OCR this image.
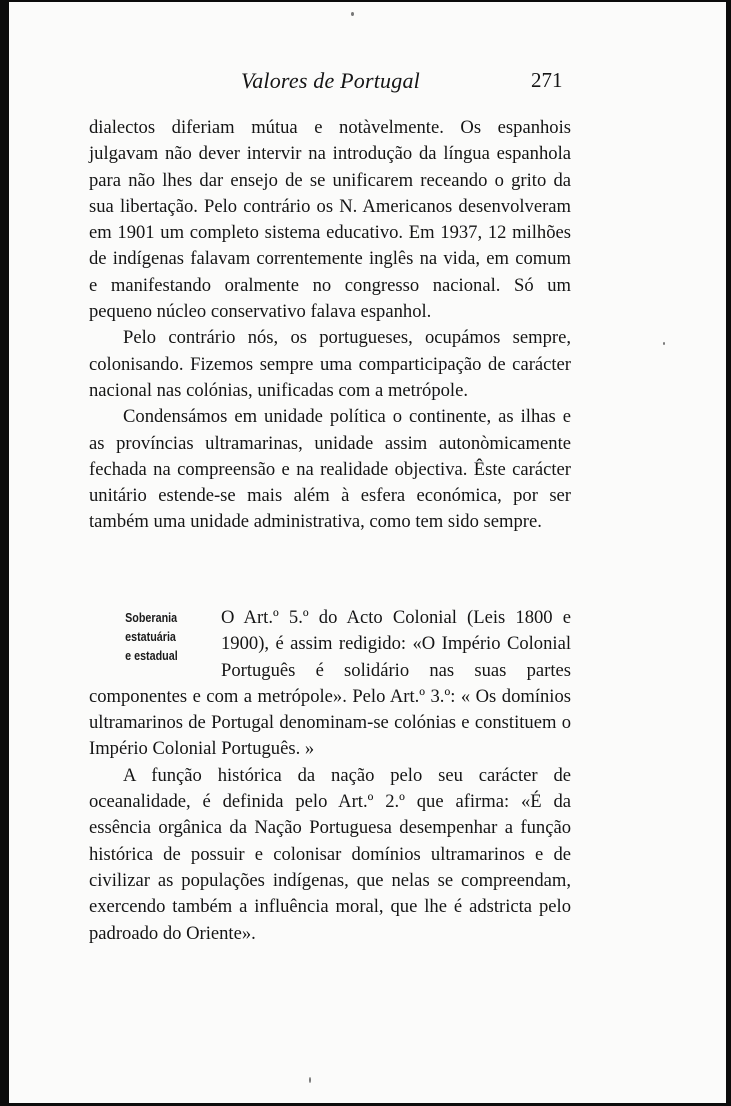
Valores de Portugal	271

dialectos diferiam mútua e notàvelmente. Os espanhois julgavam não dever intervir na introdução da língua espanhola para não lhes dar ensejo de se unificarem receando o grito da sua libertação. Pelo contrário os N. Americanos desenvolveram em 1901 um completo sistema educativo. Em 1937, 12 milhões de indígenas falavam correntemente inglês na vida, em comum e manifestando oralmente no congresso nacional. Só um pequeno núcleo conservativo falava espanhol.

Pelo contrário nós, os portugueses, ocupámos sempre, colonisando. Fizemos sempre uma comparticipação de carácter nacional nas colónias, unificadas com a metrópole.

Condensámos em unidade política o continente, as ilhas e as províncias ultramarinas, unidade assim autonòmicamente fechada na compreensão e na realidade objectiva. Êste carácter unitário estende-se mais além à esfera económica, por ser também uma unidade administrativa, como tem sido sempre.

Soberania
estatuária
e estadual

O Art.º 5.º do Acto Colonial (Leis 1800 e 1900), é assim redigido: «O Império Colonial Português é solidário nas suas partes componentes e com a metrópole». Pelo Art.º 3.º: « Os domínios ultramarinos de Portugal denominam-se colónias e constituem o Império Colonial Português. »

A função histórica da nação pelo seu carácter de oceanalidade, é definida pelo Art.º 2.º que afirma: «É da essência orgânica da Nação Portuguesa desempenhar a função histórica de possuir e colonisar domínios ultramarinos e de civilizar as populações indígenas, que nelas se compreendam, exercendo também a influência moral, que lhe é adstricta pelo padroado do Oriente».
